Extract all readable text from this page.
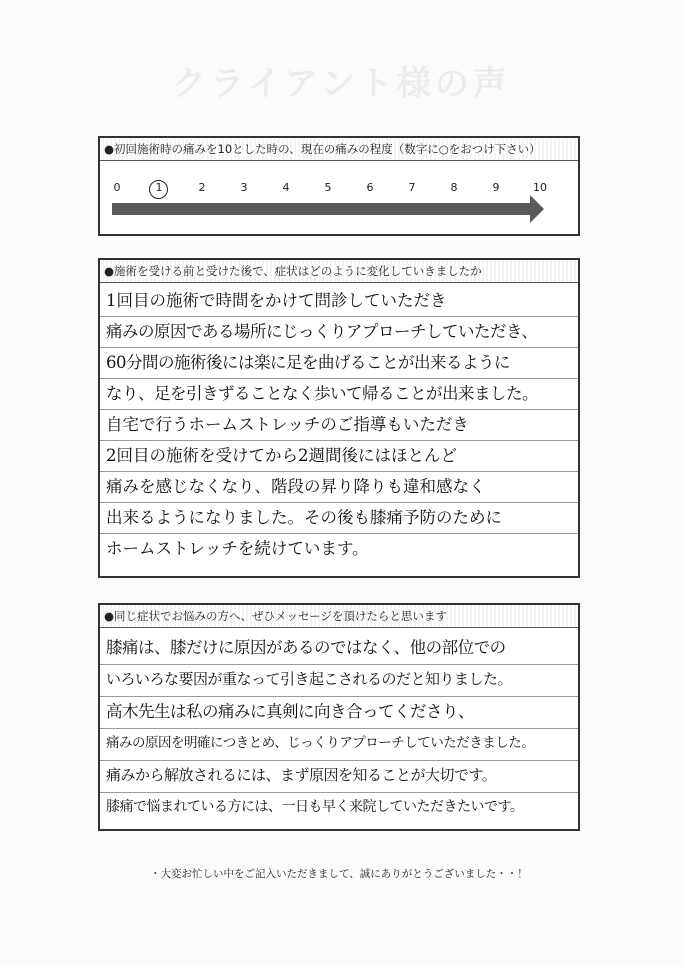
クライアント様の声
●初回施術時の痛みを10とした時の、現在の痛みの程度（数字に○をおつけ下さい）
0	1	2	3	4	5	6	7	8	9	10
●施術を受ける前と受けた後で、症状はどのように変化していきましたか
1回目の施術で時間をかけて問診していただき
痛みの原因である場所にじっくりアプローチしていただき、
60分間の施術後には楽に足を曲げることが出来るように
なり、足を引きずることなく歩いて帰ることが出来ました。
自宅で行うホームストレッチのご指導もいただき
2回目の施術を受けてから2週間後にはほとんど
痛みを感じなくなり、階段の昇り降りも違和感なく
出来るようになりました。その後も膝痛予防のために
ホームストレッチを続けています。
●同じ症状でお悩みの方へ、ぜひメッセージを頂けたらと思います
膝痛は、膝だけに原因があるのではなく、他の部位での
いろいろな要因が重なって引き起こされるのだと知りました。
高木先生は私の痛みに真剣に向き合ってくださり、
痛みの原因を明確につきとめ、じっくりアプローチしていただきました。
痛みから解放されるには、まず原因を知ることが大切です。
膝痛で悩まれている方には、一日も早く来院していただきたいです。
・大変お忙しい中をご記入いただきまして、誠にありがとうございました・・！
